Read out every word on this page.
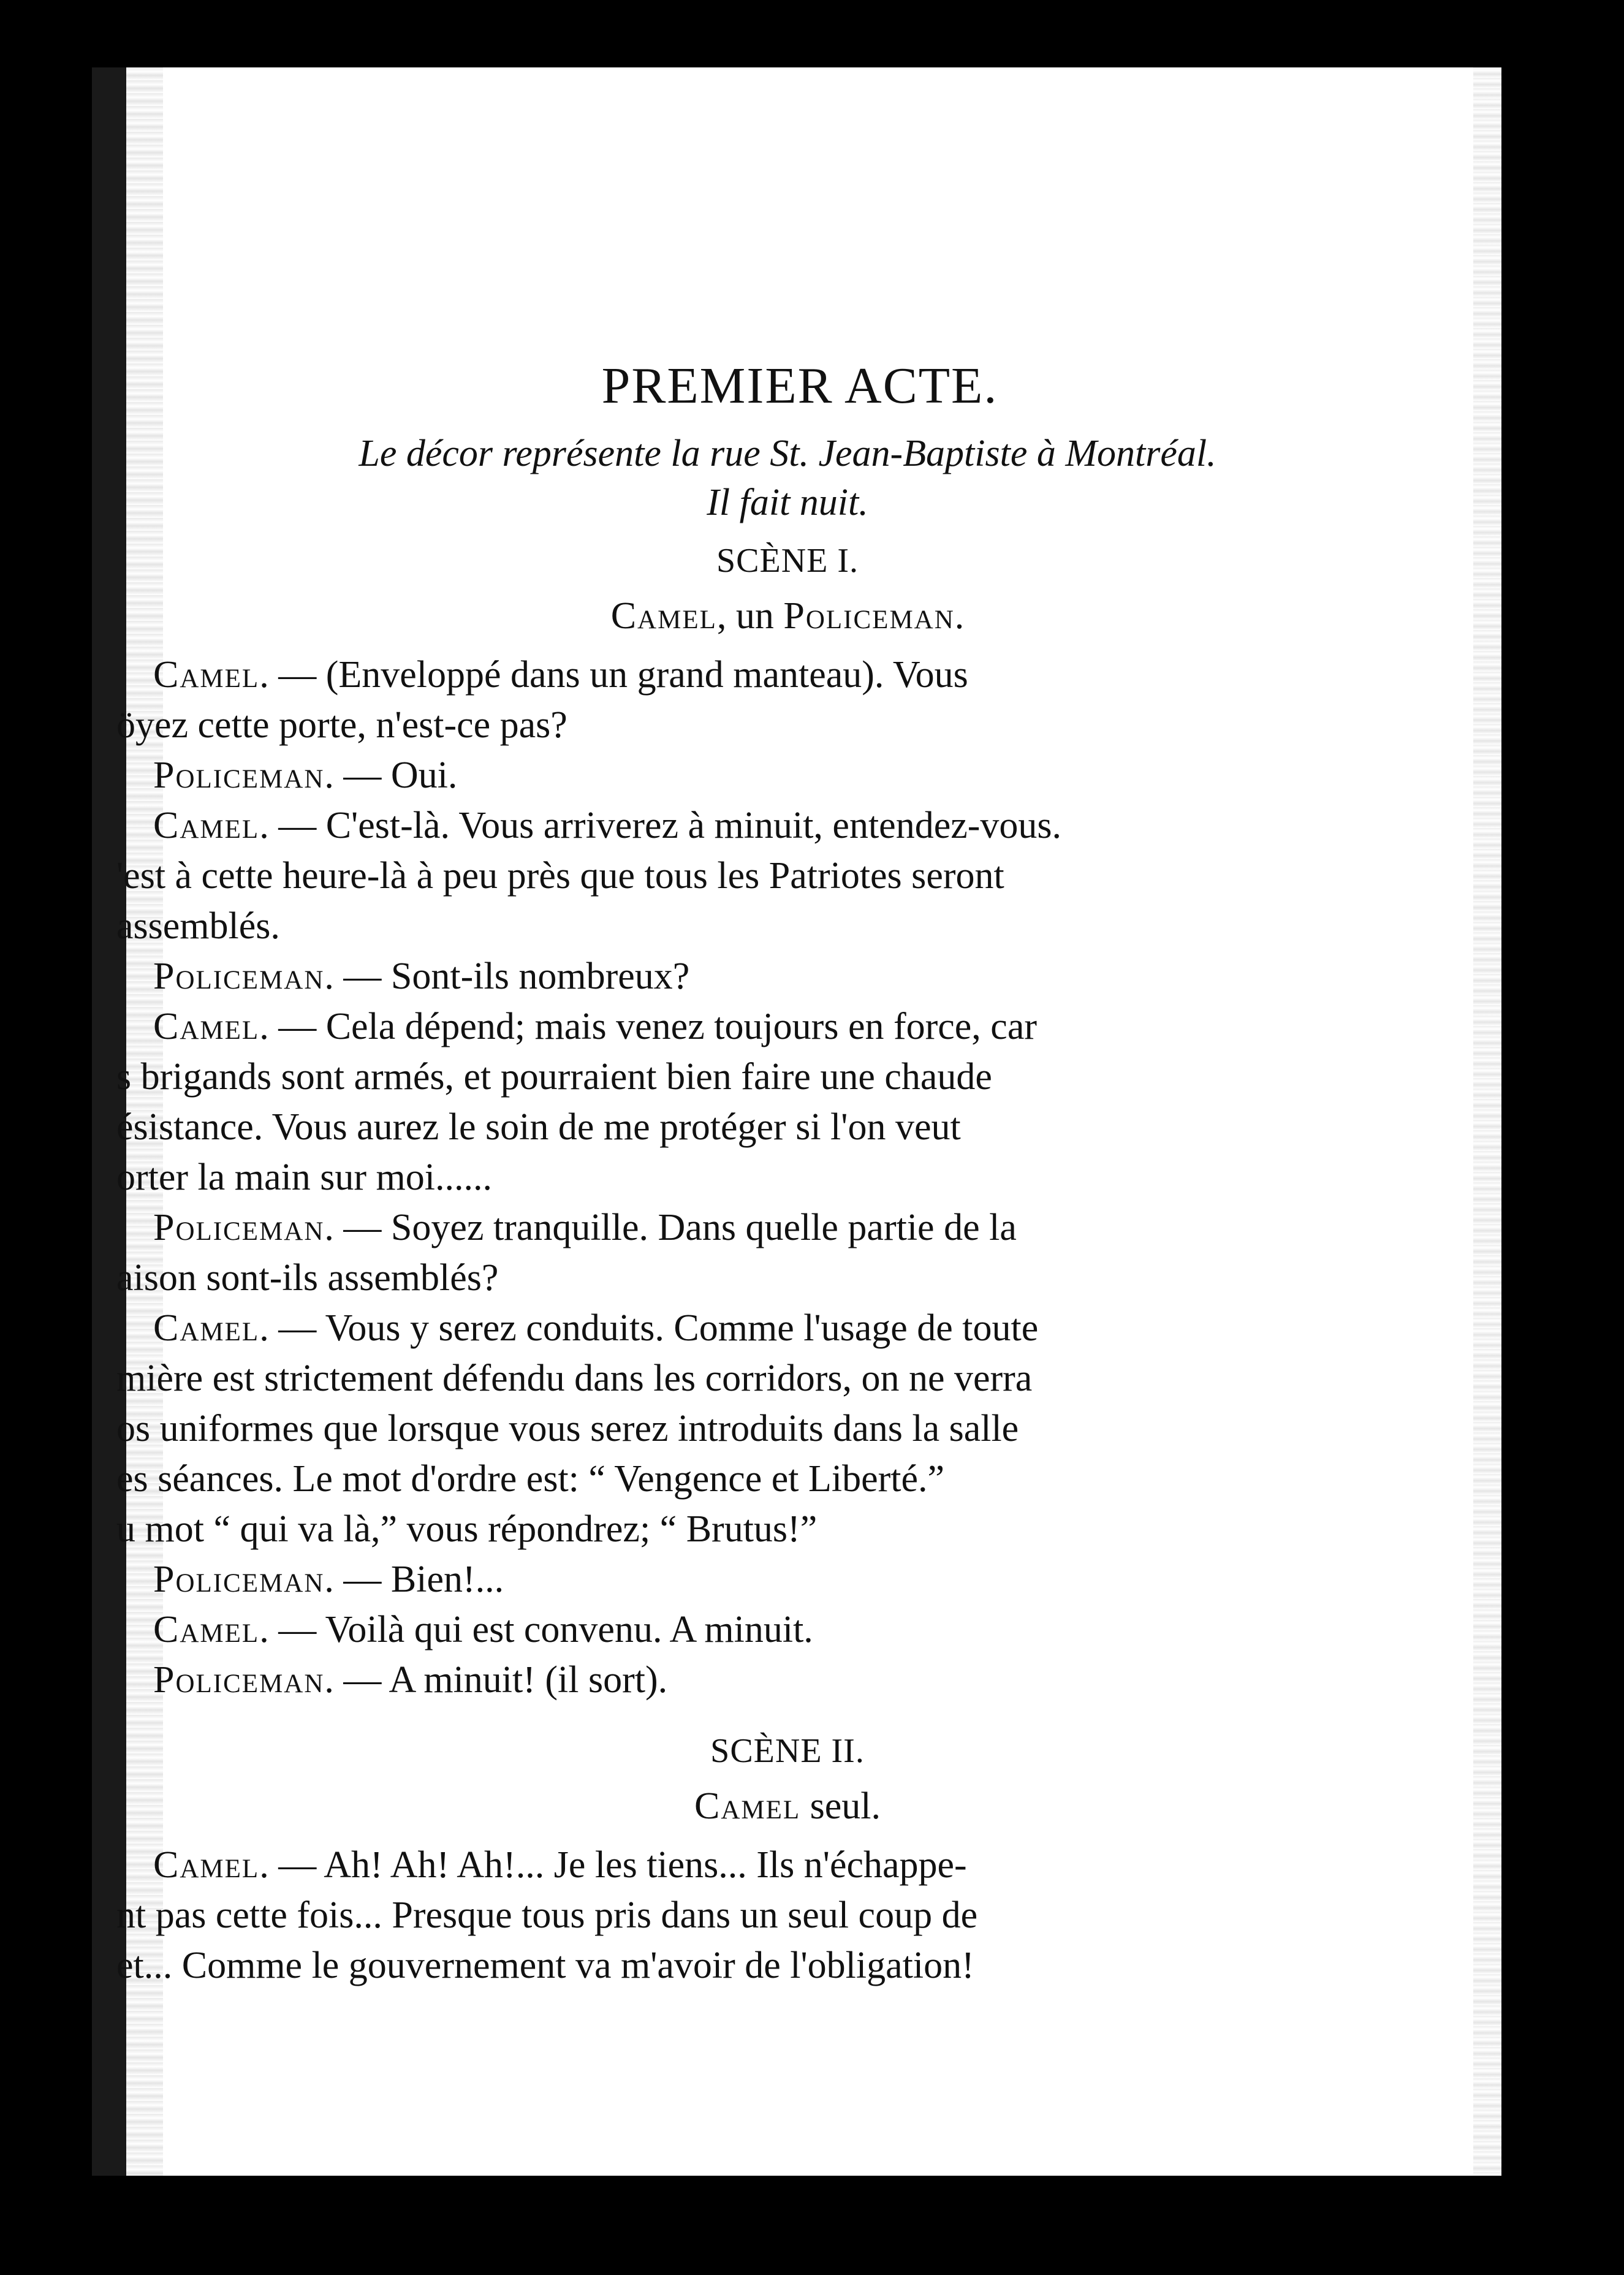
PREMIER ACTE.
Le décor représente la rue St. Jean-Baptiste à Montréal.
Il fait nuit.
SCÈNE I.
Camel, un Policeman.
Camel. — (Enveloppé dans un grand manteau). Vous
öyez cette porte, n'est-ce pas?
Policeman. — Oui.
Camel. — C'est-là. Vous arriverez à minuit, entendez-vous.
'est à cette heure-là à peu près que tous les Patriotes seront
assemblés.
Policeman. — Sont-ils nombreux?
Camel. — Cela dépend; mais venez toujours en force, car
s brigands sont armés, et pourraient bien faire une chaude
ésistance. Vous aurez le soin de me protéger si l'on veut
orter la main sur moi......
Policeman. — Soyez tranquille. Dans quelle partie de la
aison sont-ils assemblés?
Camel. — Vous y serez conduits. Comme l'usage de toute
mière est strictement défendu dans les corridors, on ne verra
os uniformes que lorsque vous serez introduits dans la salle
es séances. Le mot d'ordre est: “ Vengence et Liberté.”
u mot “ qui va là,” vous répondrez; “ Brutus!”
Policeman. — Bien!...
Camel. — Voilà qui est convenu. A minuit.
Policeman. — A minuit! (il sort).
SCÈNE II.
Camel seul.
Camel. — Ah! Ah! Ah!... Je les tiens... Ils n'échappe-
nt pas cette fois... Presque tous pris dans un seul coup de
et... Comme le gouvernement va m'avoir de l'obligation!
